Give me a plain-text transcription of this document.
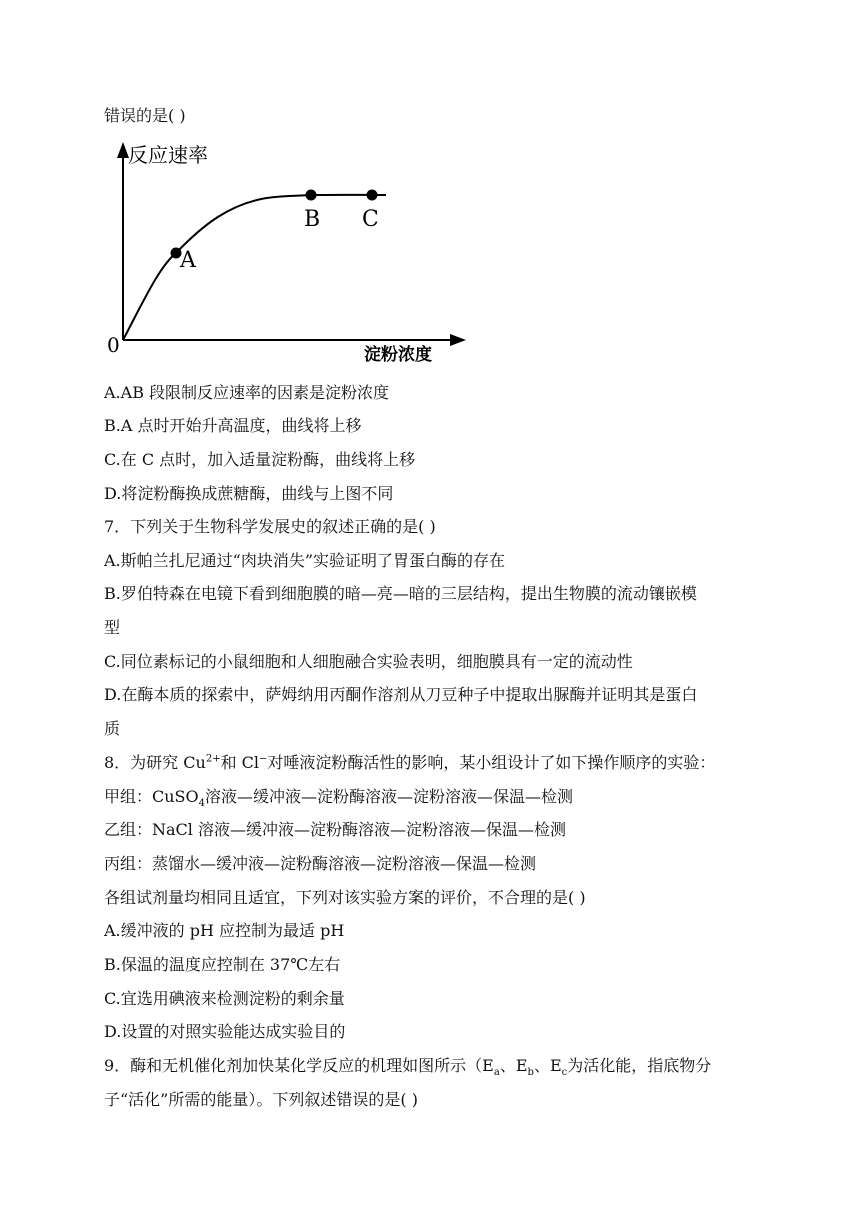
错误的是( )
反应速率
淀粉浓度
0
A
B C
A.AB 段限制反应速率的因素是淀粉浓度
B.A 点时开始升高温度，曲线将上移
C.在 C 点时，加入适量淀粉酶，曲线将上移
D.将淀粉酶换成蔗糖酶，曲线与上图不同
7．下列关于生物科学发展史的叙述正确的是( )
A.斯帕兰扎尼通过“肉块消失”实验证明了胃蛋白酶的存在
B.罗伯特森在电镜下看到细胞膜的暗—亮—暗的三层结构，提出生物膜的流动镶嵌模
型
C.同位素标记的小鼠细胞和人细胞融合实验表明，细胞膜具有一定的流动性
D.在酶本质的探索中，萨姆纳用丙酮作溶剂从刀豆种子中提取出脲酶并证明其是蛋白
质
8．为研究 $Cu^{2+}$和 Cl−对唾液淀粉酶活性的影响，某小组设计了如下操作顺序的实验：
甲组：CuSO$_4$溶液—缓冲液—淀粉酶溶液—淀粉溶液—保温—检测
乙组：NaCl 溶液—缓冲液—淀粉酶溶液—淀粉溶液—保温—检测
丙组：蒸馏水—缓冲液—淀粉酶溶液—淀粉溶液—保温—检测
各组试剂量均相同且适宜，下列对该实验方案的评价，不合理的是( )
A.缓冲液的 pH 应控制为最适 pH
B.保温的温度应控制在 37℃左右
C.宜选用碘液来检测淀粉的剩余量
D.设置的对照实验能达成实验目的
9．酶和无机催化剂加快某化学反应的机理如图所示（$E_a$、$E_b$、$E_c$为活化能，指底物分
子“活化”所需的能量）。下列叙述错误的是( )
